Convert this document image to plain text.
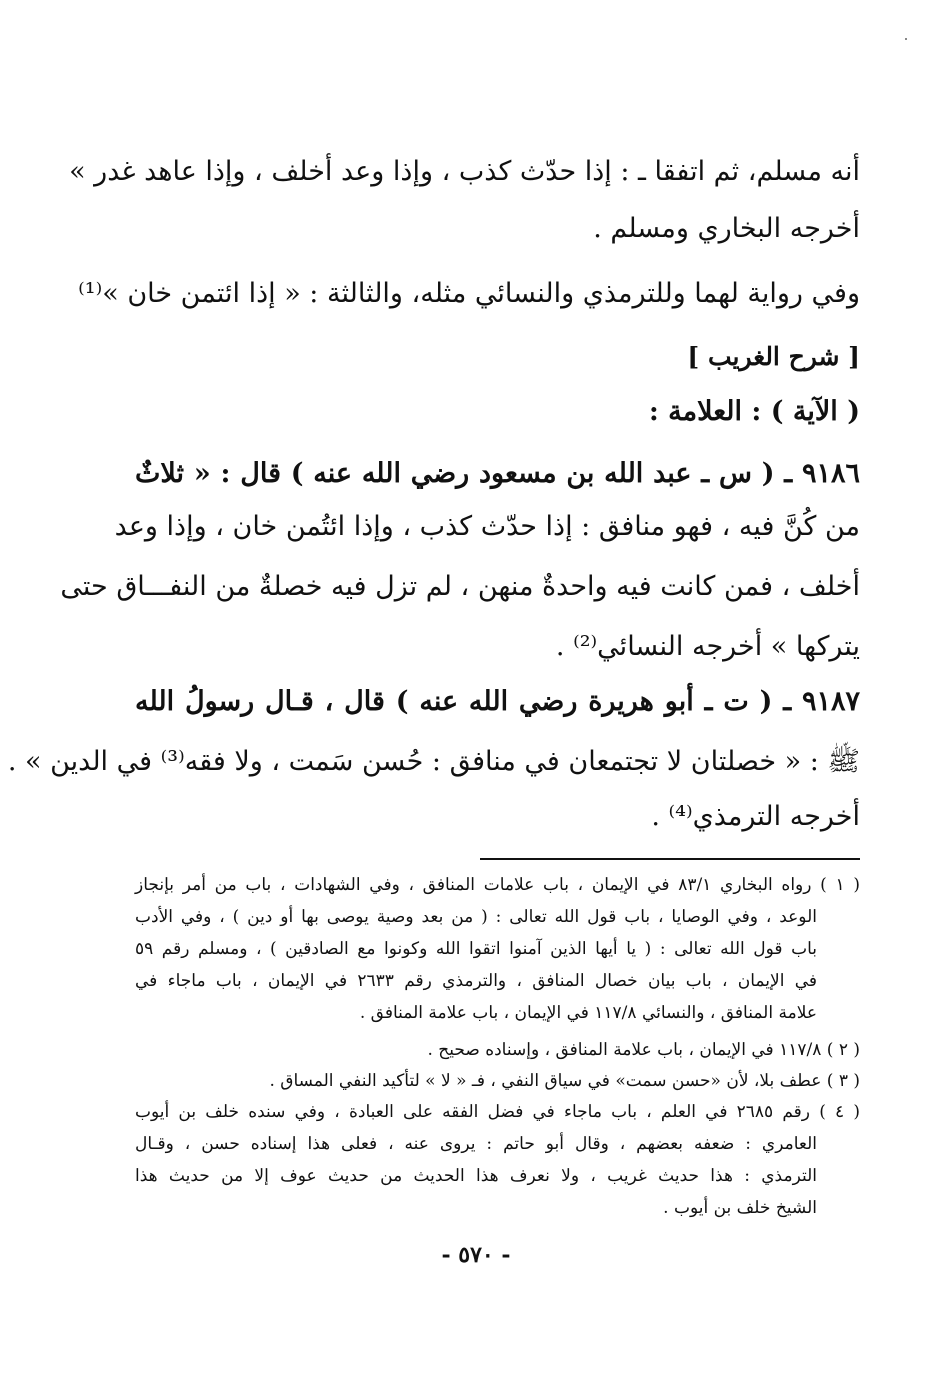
أنه مسلم، ثم اتفقا ـ : إذا حدّث كذب ، وإذا وعد أخلف ، وإذا عاهد غدر »
أخرجه البخاري ومسلم .
وفي رواية لهما وللترمذي والنسائي مثله، والثالثة : « إذا ائتمن خان »⁽¹⁾
[ شرح الغريب ]
( الآية ) : العلامة :
٩١٨٦ ـ ( س ـ عبد الله بن مسعود رضي الله عنه ) قال : « ثلاثٌ
من كُنَّ فيه ، فهو منافق : إذا حدّث كذب ، وإذا ائتُمن خان ، وإذا وعد
أخلف ، فمن كانت فيه واحدةٌ منهن ، لم تزل فيه خصلةٌ من النفـــاق حتى
يتركها » أخرجه النسائي⁽²⁾ .
٩١٨٧ ـ ( ت ـ أبو هريرة رضي الله عنه ) قال ، قـال رسولُ الله
ﷺ : « خصلتان لا تجتمعان في منافق : حُسن سَمت ، ولا فقه⁽³⁾ في الدين » .
أخرجه الترمذي⁽⁴⁾ .
( ١ ) رواه البخاري ٨٣/١ في الإيمان ، باب علامات المنافق ، وفي الشهادات ، باب من أمر بإنجاز
الوعد ، وفي الوصايا ، باب قول الله تعالى : ( من بعد وصية يوصى بها أو دين ) ، وفي الأدب
باب قول الله تعالى : ( يا أيها الذين آمنوا اتقوا الله وكونوا مع الصادقين ) ، ومسلم رقم ٥٩
في الإيمان ، باب بيان خصال المنافق ، والترمذي رقم ٢٦٣٣ في الإيمان ، باب ماجاء في
علامة المنافق ، والنسائي ١١٧/٨ في الإيمان ، باب علامة المنافق .
( ٢ ) ١١٧/٨ في الإيمان ، باب علامة المنافق ، وإسناده صحيح .
( ٣ ) عطف بلا، لأن «حسن سمت» في سياق النفي ، فـ « لا » لتأكيد النفي المساق .
( ٤ ) رقم ٢٦٨٥ في العلم ، باب ماجاء في فضل الفقه على العبادة ، وفي سنده خلف بن أيوب
العامري : ضعفه بعضهم ، وقال أبو حاتم : يروى عنه ، فعلى هذا إسناده حسن ، وقـال
الترمذي : هذا حديث غريب ، ولا نعرف هذا الحديث من حديث عوف إلا من حديث هذا
الشيخ خلف بن أيوب .
- ٥٧٠ -
